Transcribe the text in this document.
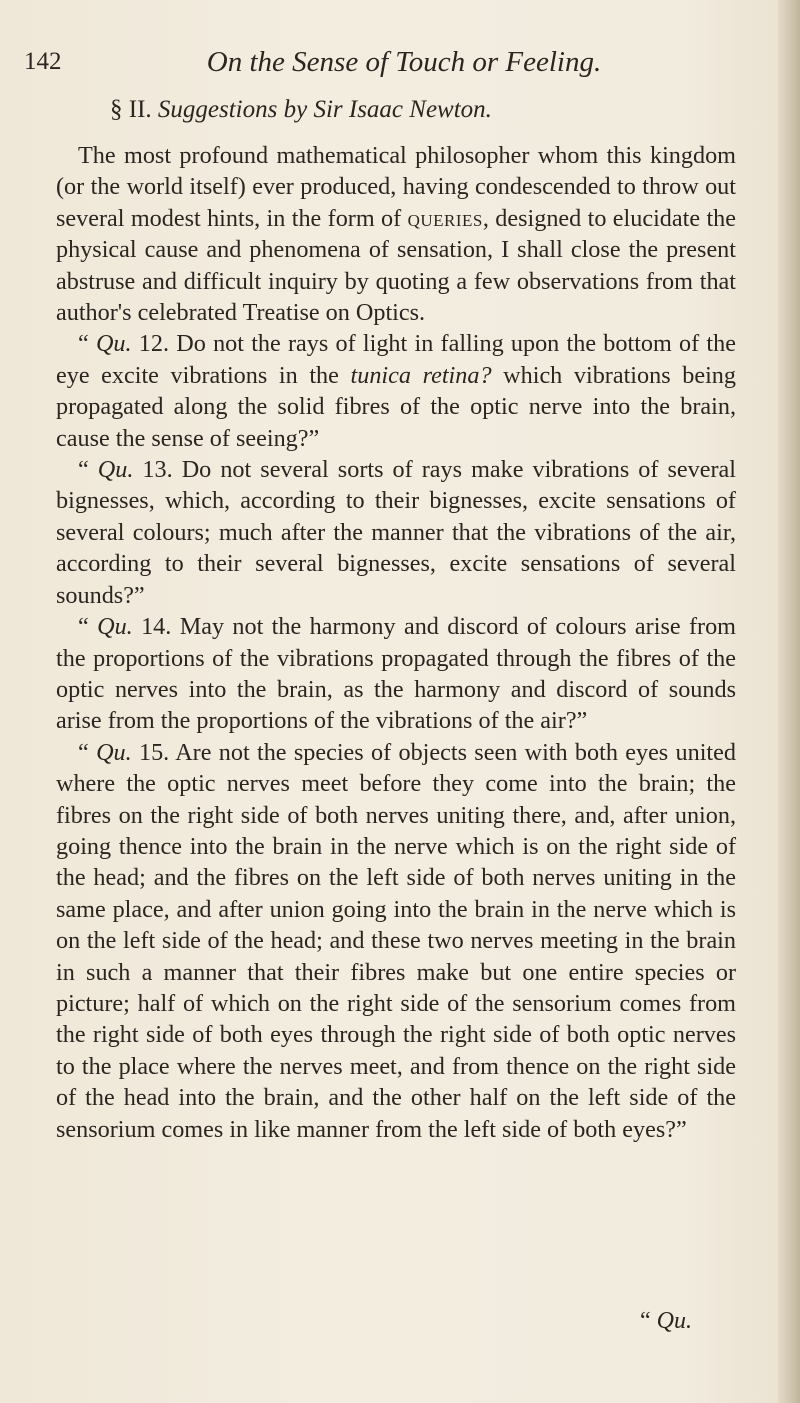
142	On the Sense of Touch or Feeling.
§ II. Suggestions by Sir Isaac Newton.

The most profound mathematical philosopher whom this kingdom (or the world itself) ever produced, having condescended to throw out several modest hints, in the form of queries, designed to elucidate the physical cause and phenomena of sensation, I shall close the present abstruse and difficult inquiry by quoting a few observations from that author's celebrated Treatise on Optics.

“ Qu. 12. Do not the rays of light in falling upon the bottom of the eye excite vibrations in the tunica retina? which vibrations being propagated along the solid fibres of the optic nerve into the brain, cause the sense of seeing?”

“ Qu. 13. Do not several sorts of rays make vibrations of several bignesses, which, according to their bignesses, excite sensations of several colours; much after the manner that the vibrations of the air, according to their several bignesses, excite sensations of several sounds?”

“ Qu. 14. May not the harmony and discord of colours arise from the proportions of the vibrations propagated through the fibres of the optic nerves into the brain, as the harmony and discord of sounds arise from the proportions of the vibrations of the air?”

“ Qu. 15. Are not the species of objects seen with both eyes united where the optic nerves meet before they come into the brain; the fibres on the right side of both nerves uniting there, and, after union, going thence into the brain in the nerve which is on the right side of the head; and the fibres on the left side of both nerves uniting in the same place, and after union going into the brain in the nerve which is on the left side of the head; and these two nerves meeting in the brain in such a manner that their fibres make but one entire species or picture; half of which on the right side of the sensorium comes from the right side of both eyes through the right side of both optic nerves to the place where the nerves meet, and from thence on the right side of the head into the brain, and the other half on the left side of the sensorium comes in like manner from the left side of both eyes?”

“ Qu.
